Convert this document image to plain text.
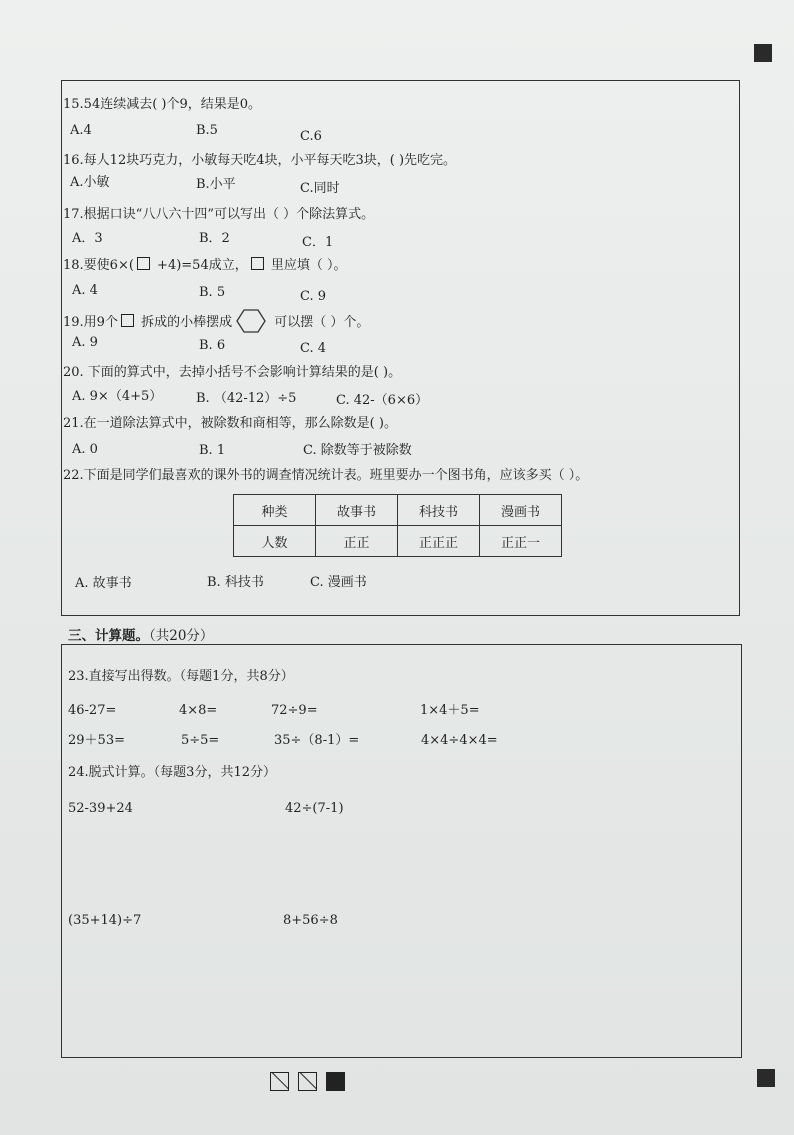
15.54连续减去( )个9，结果是0。
A.4	B.5	C.6
16.每人12块巧克力，小敏每天吃4块，小平每天吃3块，( )先吃完。
A.小敏	B.小平	C.同时
17.根据口诀“八八六十四”可以写出（ ）个除法算式。
A．3	B．2	C．1
18.要使6×( +4)=54成立， 里应填（ ）。
A. 4	B. 5	C. 9
19.用9个 拆成的小棒摆成	可以摆（ ）个。
A. 9	B. 6	C. 4
20. 下面的算式中，去掉小括号不会影响计算结果的是( )。
A. 9×（4+5）	B. （42-12）÷5	C. 42-（6×6）
21.在一道除法算式中，被除数和商相等，那么除数是( )。
A. 0	B. 1	C. 除数等于被除数
22.下面是同学们最喜欢的课外书的调查情况统计表。班里要办一个图书角，应该多买（ ）。
种类	故事书	科技书	漫画书
人数	正正	正正正	正正一
A. 故事书	B. 科技书	C. 漫画书
三、计算题。（共20分）
23.直接写出得数。（每题1分，共8分）
46-27=	4×8=	72÷9=	1×4＋5=
29＋53=	5÷5=	35÷（8-1）=	4×4÷4×4=
24.脱式计算。（每题3分，共12分）
52-39+24	42÷(7-1)
(35+14)÷7	8+56÷8
